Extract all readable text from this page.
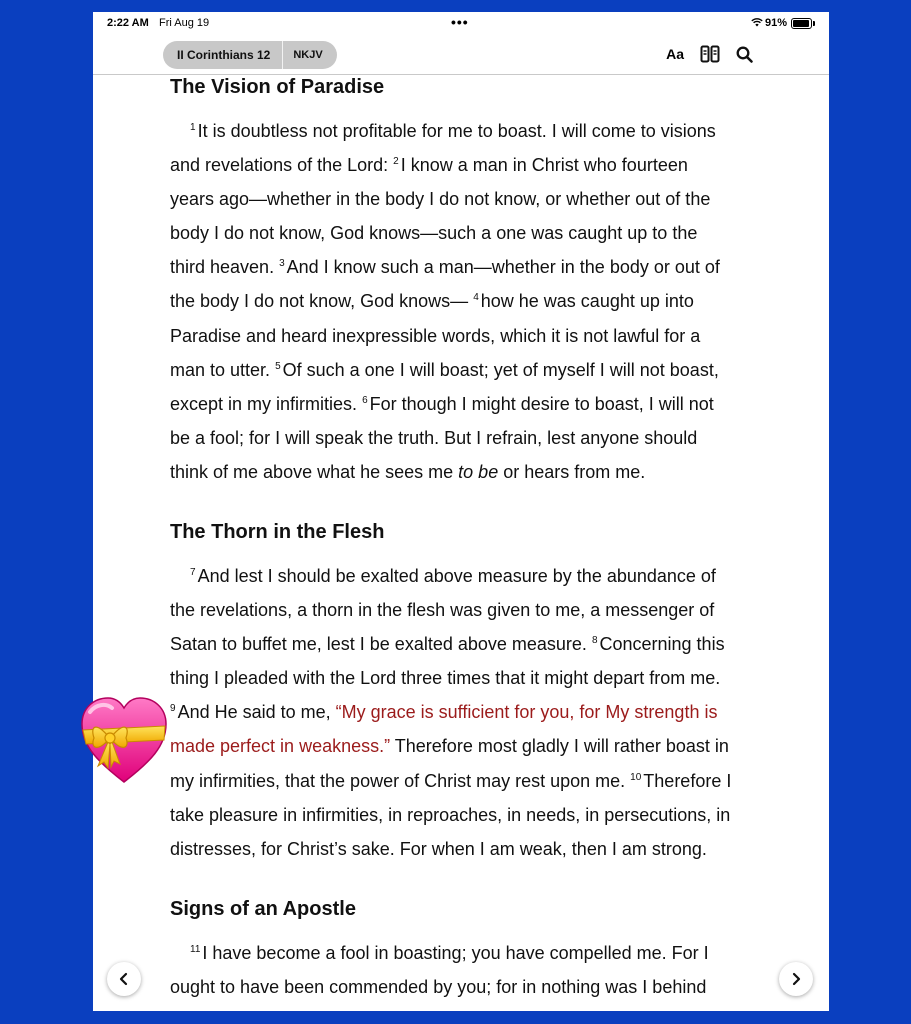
2:22 AM Fri Aug 19	•••	91%
II Corinthians 12	NKJV	Aa
The Vision of Paradise
$^1$ It is doubtless not profitable for me to boast. I will come to visions
and revelations of the Lord: $^2$ I know a man in Christ who fourteen
years ago—whether in the body I do not know, or whether out of the
body I do not know, God knows—such a one was caught up to the
third heaven. $^3$ And I know such a man—whether in the body or out of
the body I do not know, God knows— $^4$ how he was caught up into
Paradise and heard inexpressible words, which it is not lawful for a
man to utter. $^5$ Of such a one I will boast; yet of myself I will not boast,
except in my infirmities. $^6$ For though I might desire to boast, I will not
be a fool; for I will speak the truth. But I refrain, lest anyone should
think of me above what he sees me to be or hears from me.
The Thorn in the Flesh
$^7$ And lest I should be exalted above measure by the abundance of
the revelations, a thorn in the flesh was given to me, a messenger of
Satan to buffet me, lest I be exalted above measure. $^8$ Concerning this
thing I pleaded with the Lord three times that it might depart from me.
$^9$ And He said to me, “My grace is sufficient for you, for My strength is
made perfect in weakness.” Therefore most gladly I will rather boast in
my infirmities, that the power of Christ may rest upon me. $^{10}$ Therefore I
take pleasure in infirmities, in reproaches, in needs, in persecutions, in
distresses, for Christ’s sake. For when I am weak, then I am strong.
Signs of an Apostle
$^{11}$ I have become a fool in boasting; you have compelled me. For I
ought to have been commended by you; for in nothing was I behind
